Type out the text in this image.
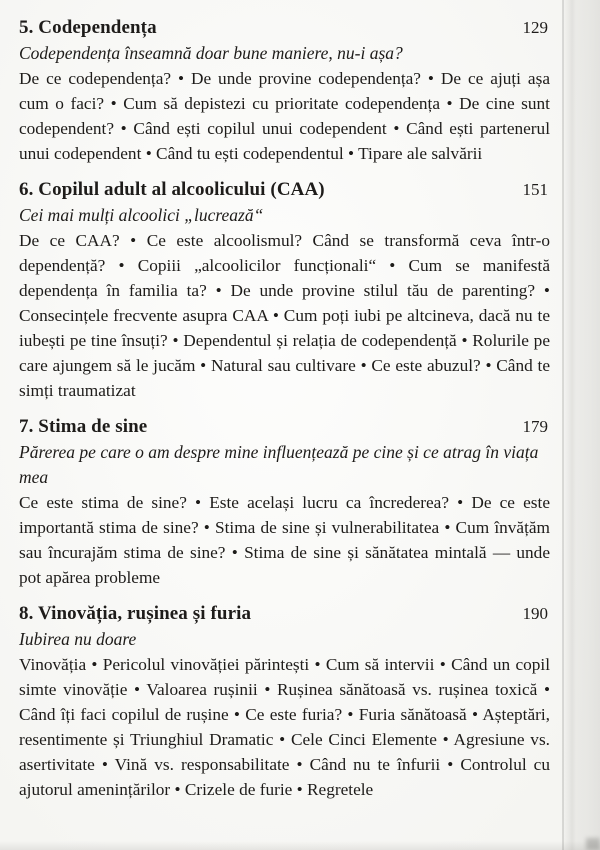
5. Codependența	129
Codependența înseamnă doar bune maniere, nu-i așa?
De ce codependența? • De unde provine codependența? • De ce ajuți așa cum o faci? • Cum să depistezi cu prioritate codependența • De cine sunt codependent? • Când ești copilul unui codependent • Când ești partenerul unui codependent • Când tu ești codependentul • Tipare ale salvării
6. Copilul adult al alcoolicului (CAA)	151
Cei mai mulți alcoolici „lucrează“
De ce CAA? • Ce este alcoolismul? Când se transformă ceva într-o dependență? • Copiii „alcoolicilor funcționali“ • Cum se manifestă dependența în familia ta? • De unde provine stilul tău de parenting? • Consecințele frecvente asupra CAA • Cum poți iubi pe altcineva, dacă nu te iubești pe tine însuți? • Dependentul și relația de codependență • Rolurile pe care ajungem să le jucăm • Natural sau cultivare • Ce este abuzul? • Când te simți traumatizat
7. Stima de sine	179
Părerea pe care o am despre mine influențează pe cine și ce atrag în viața mea
Ce este stima de sine? • Este același lucru ca încrederea? • De ce este importantă stima de sine? • Stima de sine și vulnerabilitatea • Cum învățăm sau încurajăm stima de sine? • Stima de sine și sănătatea mintală — unde pot apărea probleme
8. Vinovăția, rușinea și furia	190
Iubirea nu doare
Vinovăția • Pericolul vinovăției părintești • Cum să intervii • Când un copil simte vinovăție • Valoarea rușinii • Rușinea sănătoasă vs. rușinea toxică • Când îți faci copilul de rușine • Ce este furia? • Furia sănătoasă • Așteptări, resentimente și Triunghiul Dramatic • Cele Cinci Elemente • Agresiune vs. asertivitate • Vină vs. responsabilitate • Când nu te înfurii • Controlul cu ajutorul amenințărilor • Crizele de furie • Regretele
